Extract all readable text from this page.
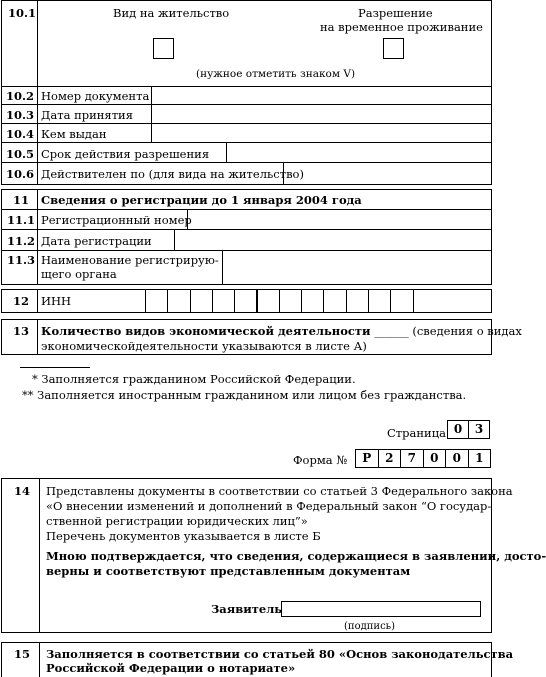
10.1	Вид на жительство	Разрешение
на временное проживание
(нужное отметить знаком V)
10.2 Номер документа
10.3 Дата принятия
10.4 Кем выдан
10.5 Срок действия разрешения
10.6 Действителен по (для вида на жительство)
11 Сведения о регистрации до 1 января 2004 года
11.1 Регистрационный номер
11.2 Дата регистрации
11.3 Наименование регистрирую-
щего органа
12 ИНН
13 Количество видов экономической деятельности ______ (сведения о видах
экономическойдеятельности указываются в листе А)
* Заполняется гражданином Российской Федерации.
** Заполняется иностранным гражданином или лицом без гражданства.
Страница 0	3
Форма №	Р	2	7	0	0	1
14 Представлены документы в соответствии со статьей 3 Федерального закона
«О внесении изменений и дополнений в Федеральный закон “О государ-
ственной регистрации юридических лиц”»
Перечень документов указывается в листе Б
Мною подтверждается, что сведения, содержащиеся в заявлении, досто-
верны и соответствуют представленным документам
Заявитель
(подпись)
15 Заполняется в соответствии со статьей 80 «Основ законодательства
Российской Федерации о нотариате»
